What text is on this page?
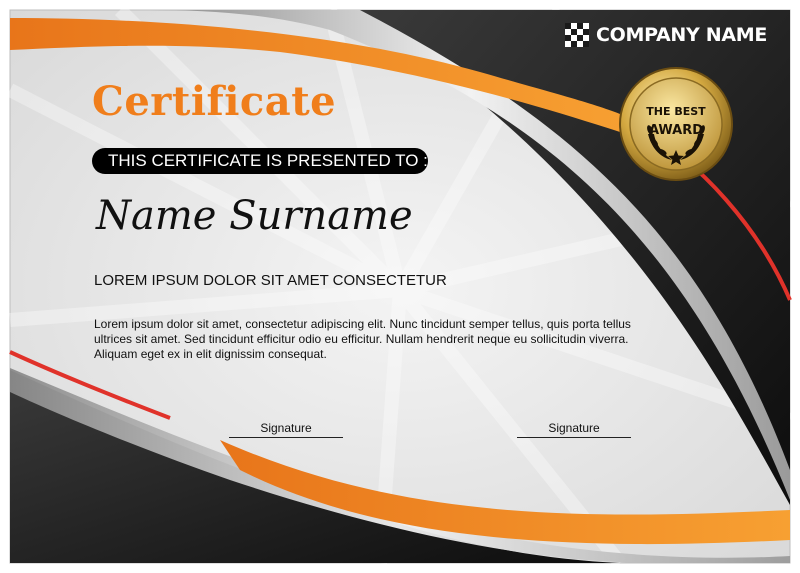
THE BEST
AWARD
COMPANY NAME
Certificate
THIS CERTIFICATE IS PRESENTED TO :
Name Surname
LOREM IPSUM DOLOR SIT AMET CONSECTETUR
Lorem ipsum dolor sit amet, consectetur adipiscing elit. Nunc tincidunt semper tellus, quis porta tellus ultrices sit amet. Sed tincidunt efficitur odio eu efficitur. Nullam hendrerit neque eu sollicitudin viverra. Aliquam eget ex in elit dignissim consequat.
Signature	Signature
